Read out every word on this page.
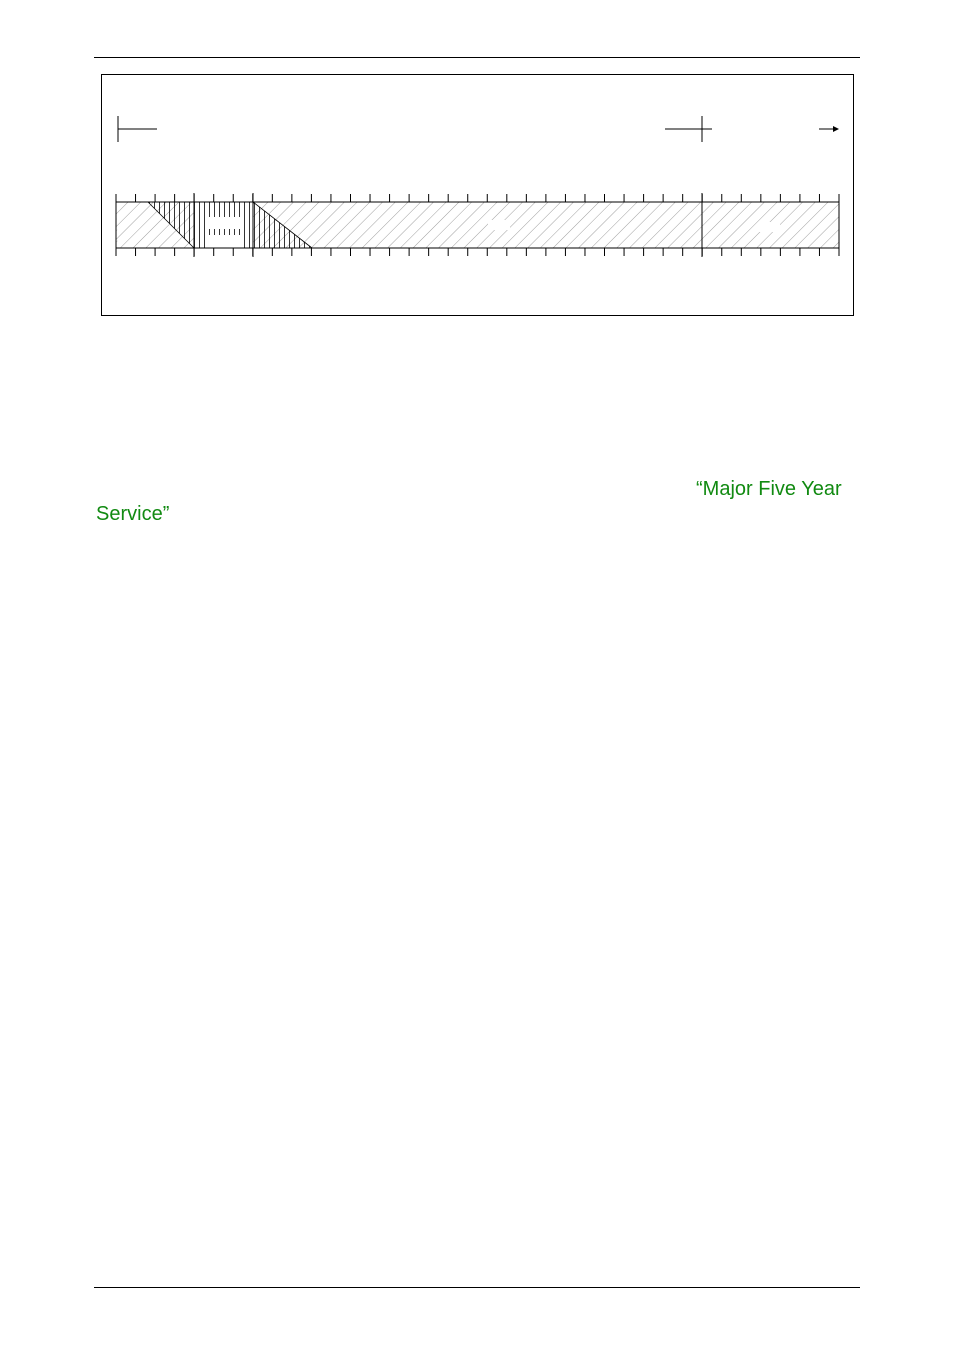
“Major Five Year
Service”
